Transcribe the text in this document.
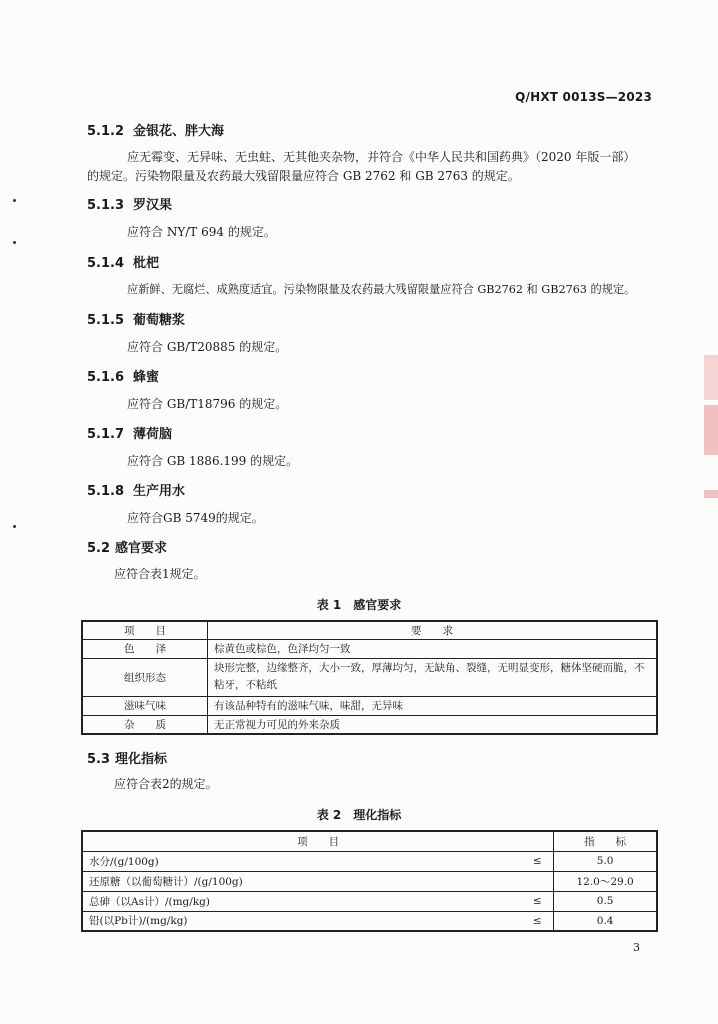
Q/HXT 0013S—2023
5.1.2 金银花、胖大海
应无霉变、无异味、无虫蛀、无其他夹杂物，并符合《中华人民共和国药典》（2020 年版一部）
的规定。污染物限量及农药最大残留限量应符合 GB 2762 和 GB 2763 的规定。
5.1.3 罗汉果
应符合 NY/T 694 的规定。
5.1.4 枇杷
应新鲜、无腐烂、成熟度适宜。污染物限量及农药最大残留限量应符合 GB2762 和 GB2763 的规定。
5.1.5 葡萄糖浆
应符合 GB/T20885 的规定。
5.1.6 蜂蜜
应符合 GB/T18796 的规定。
5.1.7 薄荷脑
应符合 GB 1886.199 的规定。
5.1.8 生产用水
应符合GB 5749的规定。
5.2 感官要求
应符合表1规定。
表 1　感官要求
项　　目	要　　求
色　　泽	棕黄色或棕色，色泽均匀一致
组织形态	块形完整，边缘整齐，大小一致，厚薄均匀，无缺角、裂缝，无明显变形，糖体坚硬而脆，不粘牙，不粘纸
滋味气味	有该品种特有的滋味气味，味甜，无异味
杂　　质	无正常视力可见的外来杂质
5.3 理化指标
应符合表2的规定。
表 2　理化指标
项　　目		指　　标
水分/(g/100g)	≤	5.0
还原糖（以葡萄糖计）/(g/100g)		12.0～29.0
总砷（以As计）/(mg/kg)	≤	0.5
铅(以Pb计)/(mg/kg)	≤	0.4
3
